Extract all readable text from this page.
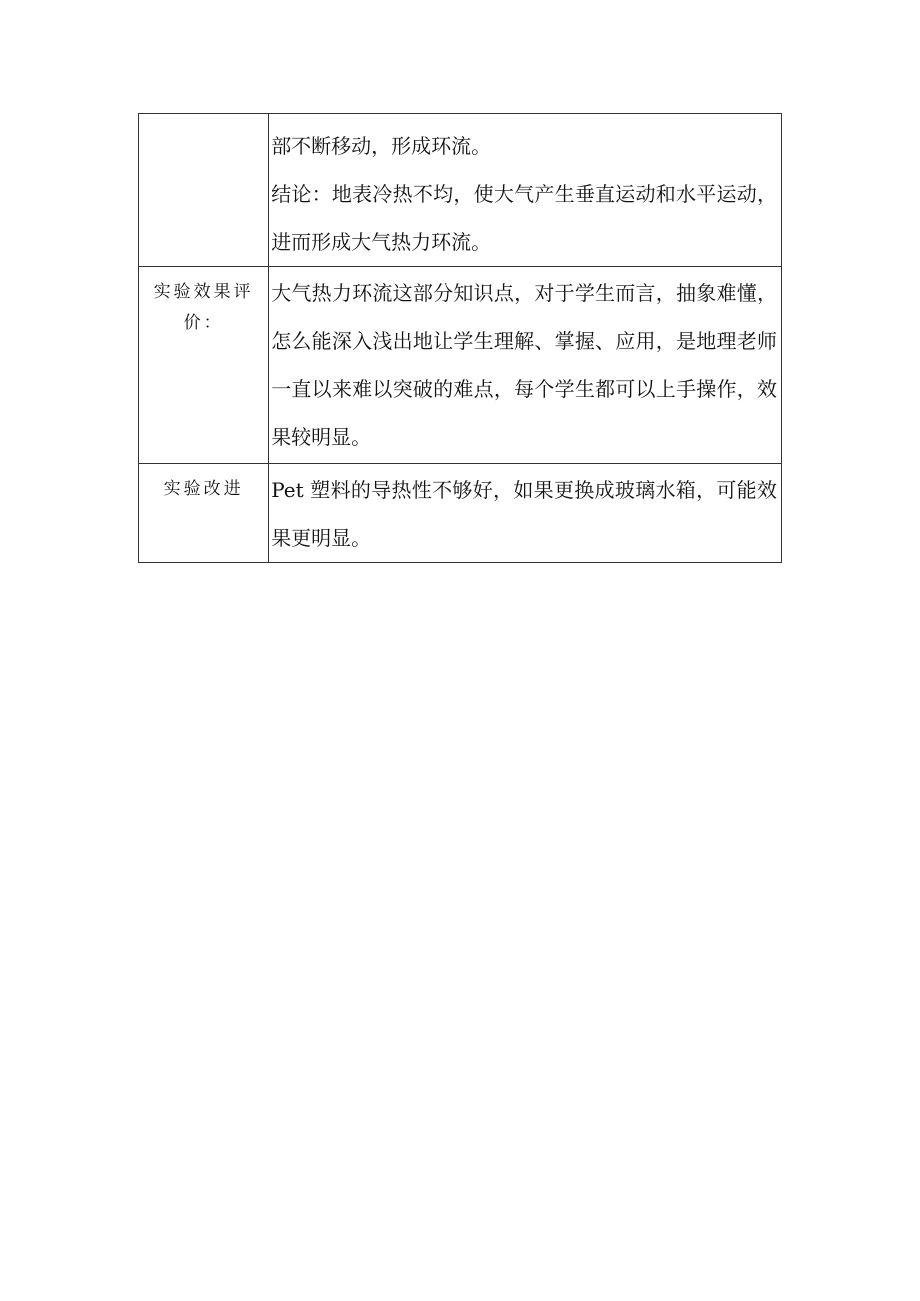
	部不断移动，形成环流。

结论：地表冷热不均，使大气产生垂直运动和水平运动，进而形成大气热力环流。

实验效果评价：	大气热力环流这部分知识点，对于学生而言，抽象难懂，怎么能深入浅出地让学生理解、掌握、应用，是地理老师一直以来难以突破的难点，每个学生都可以上手操作，效果较明显。

实验改进	Pet 塑料的导热性不够好，如果更换成玻璃水箱，可能效果更明显。
